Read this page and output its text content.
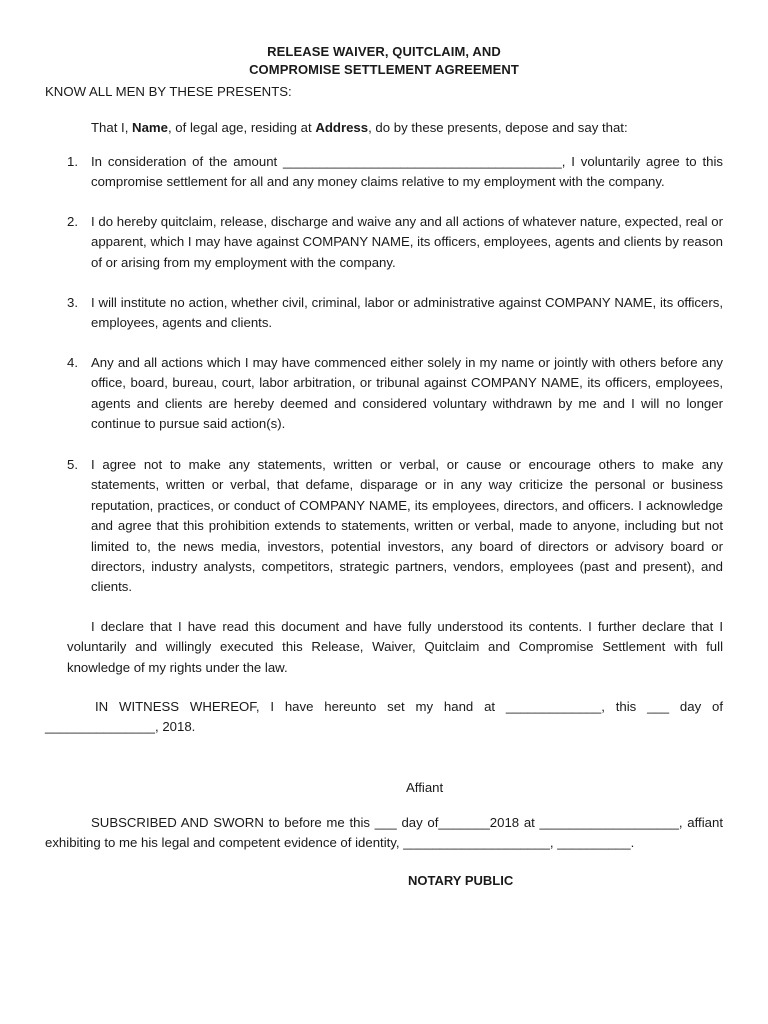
RELEASE WAIVER, QUITCLAIM, AND
COMPROMISE SETTLEMENT AGREEMENT
KNOW ALL MEN BY THESE PRESENTS:
That I, Name, of legal age, residing at Address, do by these presents, depose and say that:
1. In consideration of the amount ______________________________________, I voluntarily agree to this compromise settlement for all and any money claims relative to my employment with the company.
2. I do hereby quitclaim, release, discharge and waive any and all actions of whatever nature, expected, real or apparent, which I may have against COMPANY NAME, its officers, employees, agents and clients by reason of or arising from my employment with the company.
3. I will institute no action, whether civil, criminal, labor or administrative against COMPANY NAME, its officers, employees, agents and clients.
4. Any and all actions which I may have commenced either solely in my name or jointly with others before any office, board, bureau, court, labor arbitration, or tribunal against COMPANY NAME, its officers, employees, agents and clients are hereby deemed and considered voluntary withdrawn by me and I will no longer continue to pursue said action(s).
5. I agree not to make any statements, written or verbal, or cause or encourage others to make any statements, written or verbal, that defame, disparage or in any way criticize the personal or business reputation, practices, or conduct of COMPANY NAME, its employees, directors, and officers. I acknowledge and agree that this prohibition extends to statements, written or verbal, made to anyone, including but not limited to, the news media, investors, potential investors, any board of directors or advisory board or directors, industry analysts, competitors, strategic partners, vendors, employees (past and present), and clients.
I declare that I have read this document and have fully understood its contents. I further declare that I voluntarily and willingly executed this Release, Waiver, Quitclaim and Compromise Settlement with full knowledge of my rights under the law.
IN WITNESS WHEREOF, I have hereunto set my hand at _____________, this ___ day of _______________, 2018.
Affiant
SUBSCRIBED AND SWORN to before me this ___ day of_______2018 at ___________________, affiant exhibiting to me his legal and competent evidence of identity, ____________________, __________.
NOTARY PUBLIC
